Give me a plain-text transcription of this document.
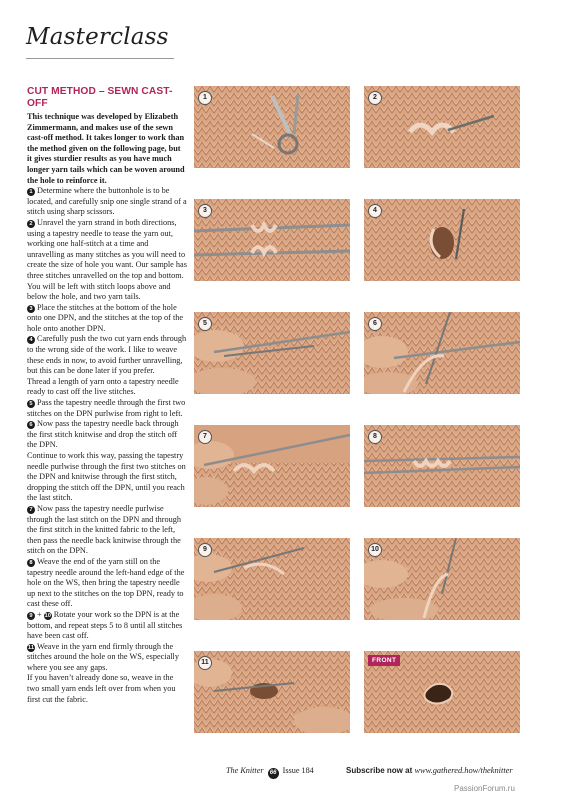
Masterclass
CUT METHOD – SEWN CAST-OFF

This technique was developed by Elizabeth Zimmermann, and makes use of the sewn cast-off method. It takes longer to work than the method given on the following page, but it gives sturdier results as you have much longer yarn tails which can be woven around the hole to reinforce it.

1 Determine where the buttonhole is to be located, and carefully snip one single strand of a stitch using sharp scissors.

2 Unravel the yarn strand in both directions, using a tapestry needle to tease the yarn out, working one half-stitch at a time and unravelling as many stitches as you will need to create the size of hole you want. Our sample has three stitches unravelled on the top and bottom. You will be left with stitch loops above and below the hole, and two yarn tails.

3 Place the stitches at the bottom of the hole onto one DPN, and the stitches at the top of the hole onto another DPN.

4 Carefully push the two cut yarn ends through to the wrong side of the work. I like to weave these ends in now, to avoid further unravelling, but this can be done later if you prefer.

Thread a length of yarn onto a tapestry needle ready to cast off the live stitches.

5 Pass the tapestry needle through the first two stitches on the DPN purlwise from right to left.

6 Now pass the tapestry needle back through the first stitch knitwise and drop the stitch off the DPN.

Continue to work this way, passing the tapestry needle purlwise through the first two stitches on the DPN and knitwise through the first stitch, dropping the stitch off the DPN, until you reach the last stitch.

7 Now pass the tapestry needle purlwise through the last stitch on the DPN and through the first stitch in the knitted fabric to the left, then pass the needle back knitwise through the stitch on the DPN.

8 Weave the end of the yarn still on the tapestry needle around the left-hand edge of the hole on the WS, then bring the tapestry needle up next to the stitches on the top DPN, ready to cast these off.

9 + 10 Rotate your work so the DPN is at the bottom, and repeat steps 5 to 8 until all stitches have been cast off.

11 Weave in the yarn end firmly through the stitches around the hole on the WS, especially where you see any gaps.

If you haven’t already done so, weave in the two small yarn ends left over from when you first cut the fabric.

1	2
3	4
5	6
7	8
9	10
11	FRONT
The Knitter 66 Issue 184	Subscribe now at www.gathered.how/theknitter
PassionForum.ru
